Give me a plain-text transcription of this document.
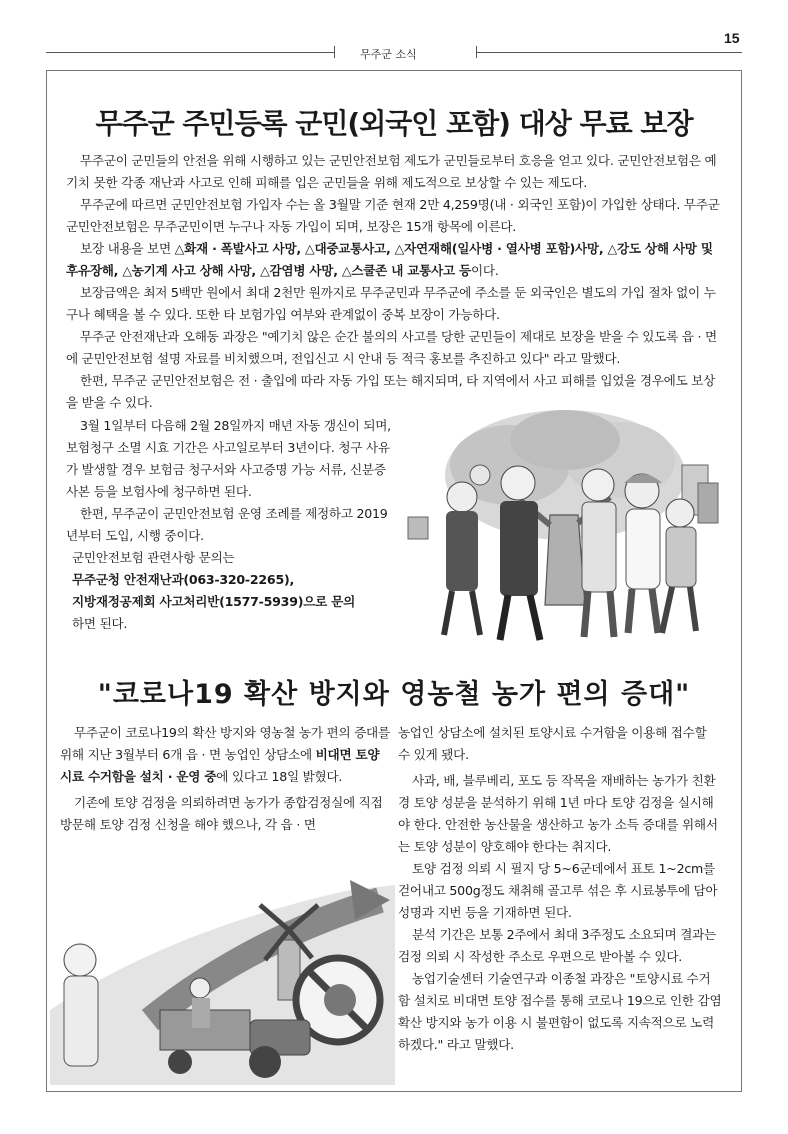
15
무주군 소식
무주군 주민등록 군민(외국인 포함) 대상 무료 보장

무주군이 군민들의 안전을 위해 시행하고 있는 군민안전보험 제도가 군민들로부터 호응을 얻고 있다. 군민안전보험은 예기치 못한 각종 재난과 사고로 인해 피해를 입은 군민들을 위해 제도적으로 보상할 수 있는 제도다.

무주군에 따르면 군민안전보험 가입자 수는 올 3월말 기준 현재 2만 4,259명(내 · 외국인 포함)이 가입한 상태다. 무주군 군민안전보험은 무주군민이면 누구나 자동 가입이 되며, 보장은 15개 항목에 이른다.

보장 내용을 보면 △화재 · 폭발사고 사망, △대중교통사고, △자연재해(일사병 · 열사병 포함)사망, △강도 상해 사망 및 후유장해, △농기계 사고 상해 사망, △감염병 사망, △스쿨존 내 교통사고 등이다.

보장금액은 최저 5백만 원에서 최대 2천만 원까지로 무주군민과 무주군에 주소를 둔 외국인은 별도의 가입 절차 없이 누구나 혜택을 볼 수 있다. 또한 타 보험가입 여부와 관계없이 중복 보장이 가능하다.

무주군 안전재난과 오해동 과장은 "예기치 않은 순간 불의의 사고를 당한 군민들이 제대로 보장을 받을 수 있도록 읍 · 면에 군민안전보험 설명 자료를 비치했으며, 전입신고 시 안내 등 적극 홍보를 추진하고 있다" 라고 말했다.

한편, 무주군 군민안전보험은 전 · 출입에 따라 자동 가입 또는 해지되며, 타 지역에서 사고 피해를 입었을 경우에도 보상을 받을 수 있다.

3월 1일부터 다음해 2월 28일까지 매년 자동 갱신이 되며, 보험청구 소멸 시효 기간은 사고일로부터 3년이다. 청구 사유가 발생할 경우 보험금 청구서와 사고증명 가능 서류, 신분증 사본 등을 보험사에 청구하면 된다.

한편, 무주군이 군민안전보험 운영 조례를 제정하고 2019년부터 도입, 시행 중이다.

군민안전보험 관련사항 문의는

무주군청 안전재난과(063-320-2265),

지방재정공제회 사고처리반(1577-5939)으로 문의

하면 된다.

"코로나19 확산 방지와 영농철 농가 편의 증대"

무주군이 코로나19의 확산 방지와 영농철 농가 편의 증대를 위해 지난 3월부터 6개 읍 · 면 농업인 상담소에 비대면 토양시료 수거함을 설치 · 운영 중에 있다고 18일 밝혔다.

기존에 토양 검정을 의뢰하려면 농가가 종합검정실에 직접 방문해 토양 검정 신청을 해야 했으나, 각 읍 · 면

농업인 상담소에 설치된 토양시료 수거함을 이용해 접수할 수 있게 됐다.

사과, 배, 블루베리, 포도 등 작목을 재배하는 농가가 친환경 토양 성분을 분석하기 위해 1년 마다 토양 검정을 실시해야 한다. 안전한 농산물을 생산하고 농가 소득 증대를 위해서는 토양 성분이 양호해야 한다는 취지다.

토양 검정 의뢰 시 필지 당 5~6군데에서 표토 1~2cm를 걷어내고 500g정도 채취해 골고루 섞은 후 시료봉투에 담아 성명과 지번 등을 기재하면 된다.

분석 기간은 보통 2주에서 최대 3주정도 소요되며 결과는 검정 의뢰 시 작성한 주소로 우편으로 받아볼 수 있다.

농업기술센터 기술연구과 이종철 과장은 "토양시료 수거함 설치로 비대면 토양 접수를 통해 코로나 19으로 인한 감염확산 방지와 농가 이용 시 불편함이 없도록 지속적으로 노력하겠다." 라고 말했다.
